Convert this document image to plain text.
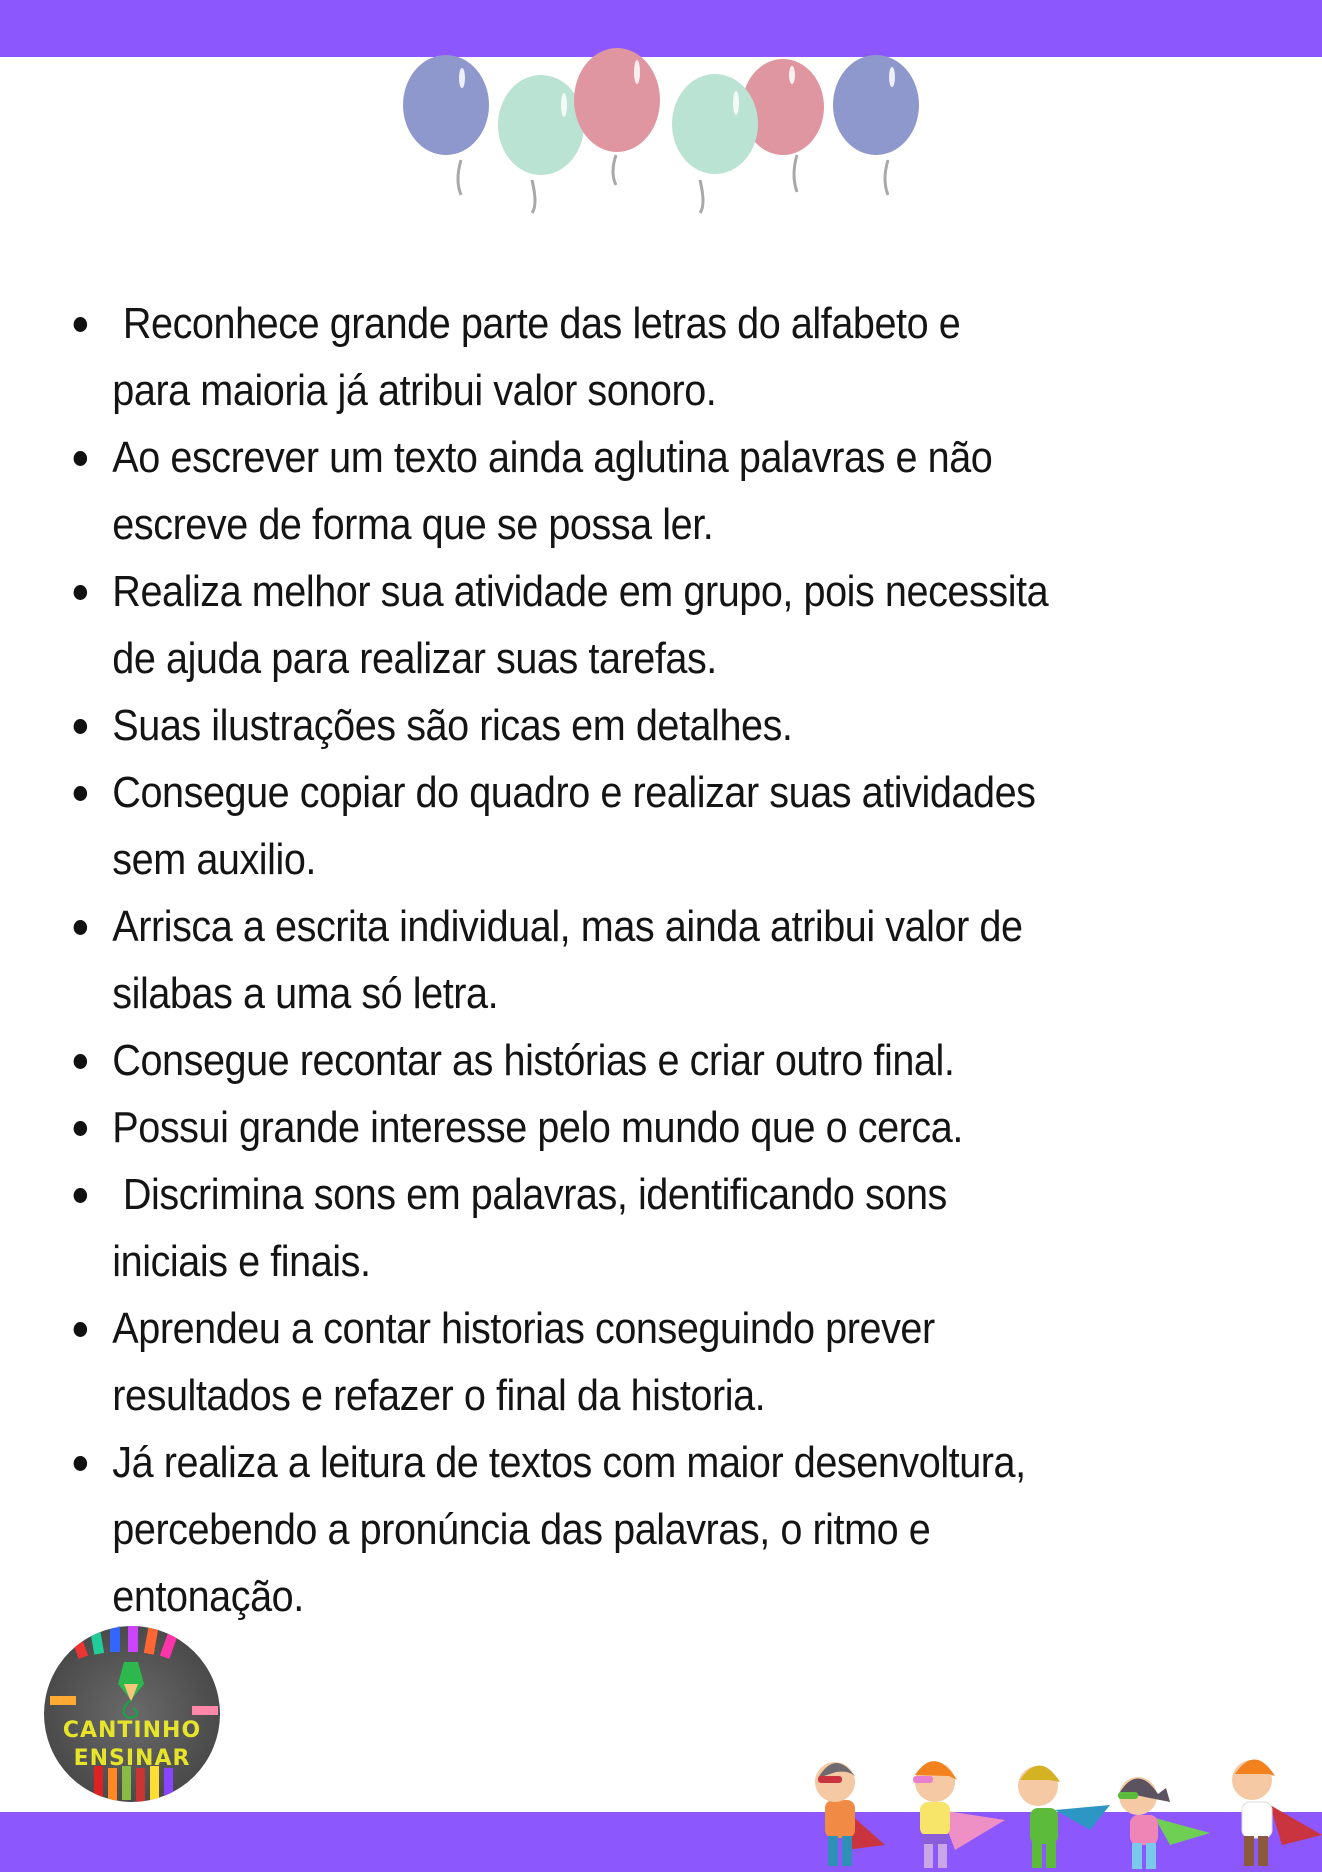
Reconhece grande parte das letras do alfabeto e
para maioria já atribui valor sonoro.
Ao escrever um texto ainda aglutina palavras e não
escreve de forma que se possa ler.
Realiza melhor sua atividade em grupo, pois necessita
de ajuda para realizar suas tarefas.
Suas ilustrações são ricas em detalhes.
Consegue copiar do quadro e realizar suas atividades
sem auxilio.
Arrisca a escrita individual, mas ainda atribui valor de
silabas a uma só letra.
Consegue recontar as histórias e criar outro final.
Possui grande interesse pelo mundo que o cerca.
Discrimina sons em palavras, identificando sons
iniciais e finais.
Aprendeu a contar historias conseguindo prever
resultados e refazer o final da historia.
Já realiza a leitura de textos com maior desenvoltura,
percebendo a pronúncia das palavras, o ritmo e
entonação.
CANTINHO
ENSINAR
